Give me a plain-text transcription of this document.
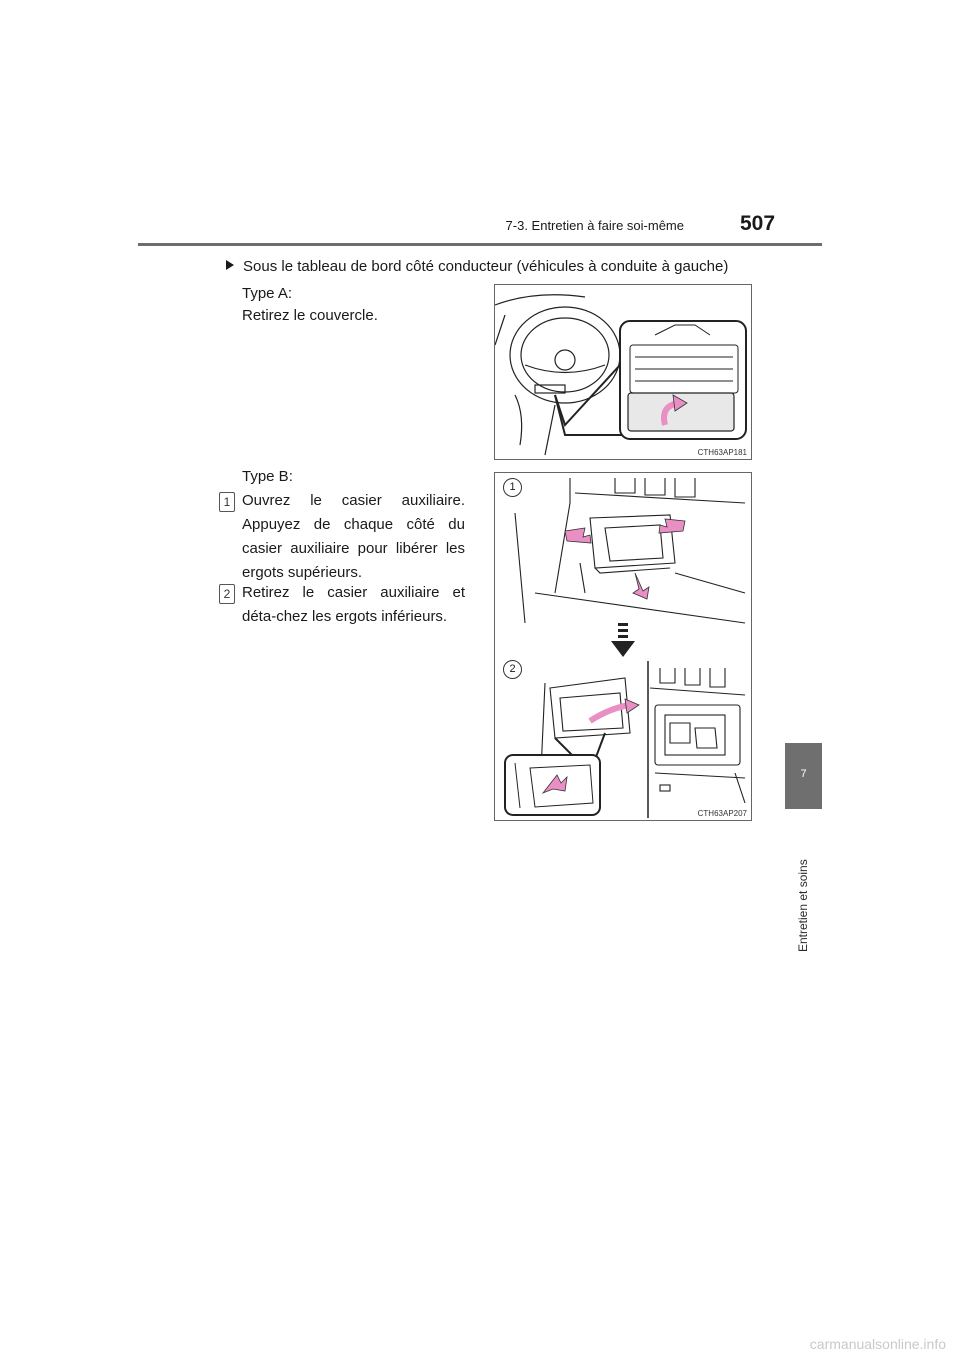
7-3. Entretien à faire soi-même	507
7
Entretien et soins
Sous le tableau de bord côté conducteur (véhicules à conduite à gauche)
Type A:
Retirez le couvercle.
Type B:
1 Ouvrez le casier auxiliaire. Appuyez de chaque côté du casier auxiliaire pour libérer les ergots supérieurs.
2 Retirez le casier auxiliaire et déta-chez les ergots inférieurs.
CTH63AP181
1
2
CTH63AP207
carmanualsonline.info
